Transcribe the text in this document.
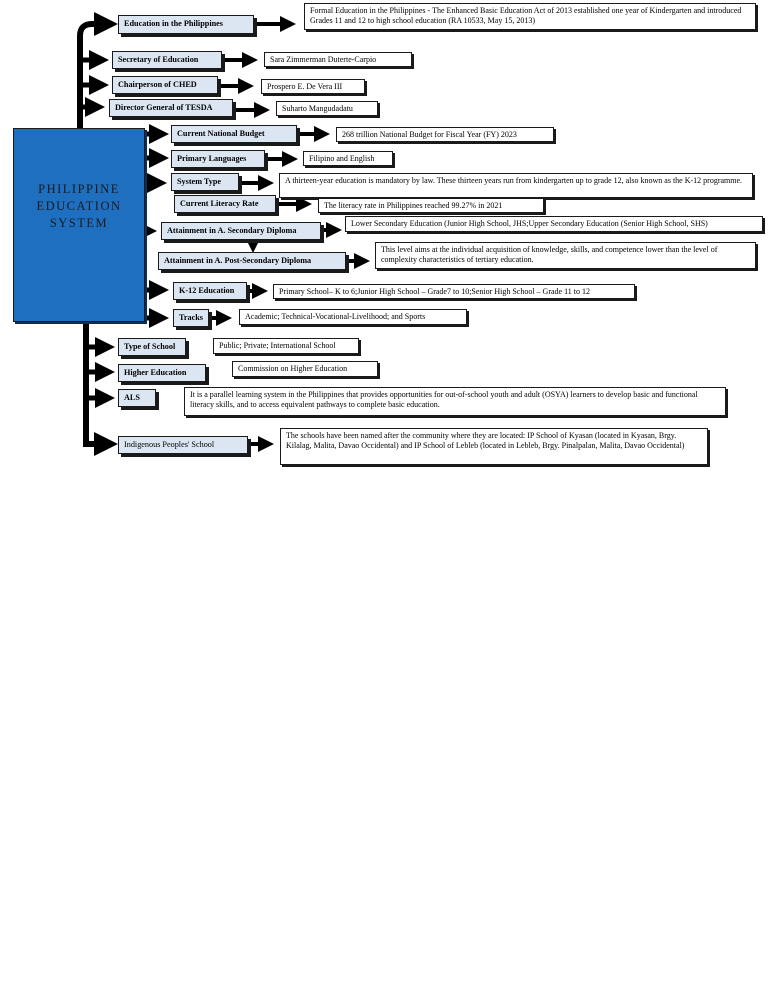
PHILIPPINE
EDUCATION
SYSTEM
Education in the Philippines
Formal Education in the Philippines - The Enhanced Basic Education Act of 2013 established one year of Kindergarten and introduced Grades 11 and 12 to high school education (RA 10533, May 15, 2013)
Secretary of Education	Sara Zimmerman Duterte-Carpio
Chairperson of CHED	Prospero E. De Vera III
Director General of TESDA	Suharto Mangudadatu
Current National Budget	268 trillion National Budget for Fiscal Year (FY) 2023
Primary Languages	Filipino and English
System Type	A thirteen-year education is mandatory by law. These thirteen years run from kindergarten up to grade 12, also known as the K-12 programme.
Current Literacy Rate	The literacy rate in Philippines reached 99.27% in 2021
Attainment in A. Secondary Diploma
Lower Secondary Education (Junior High School, JHS;Upper Secondary Education (Senior High School, SHS)
Attainment in A. Post-Secondary Diploma
This level aims at the individual acquisition of knowledge, skills, and competence lower than the level of complexity characteristics of tertiary education.
K-12 Education	Primary School– K to 6;Junior High School – Grade7 to 10;Senior High School – Grade 11 to 12
Tracks	Academic; Technical-Vocational-Livelihood; and Sports
Type of School	Public; Private; International School
Higher Education	Commission on Higher Education
ALS	It is a parallel learning system in the Philippines that provides opportunities for out-of-school youth and adult (OSYA) learners to develop basic and functional literacy skills, and to access equivalent pathways to complete basic education.
Indigenous Peoples' School
The schools have been named after the community where they are located: IP School of Kyasan (located in Kyasan, Brgy. Kilalag, Malita, Davao Occidental) and IP School of Lebleb (located in Lebleb, Brgy. Pinalpalan, Malita, Davao Occidental)
